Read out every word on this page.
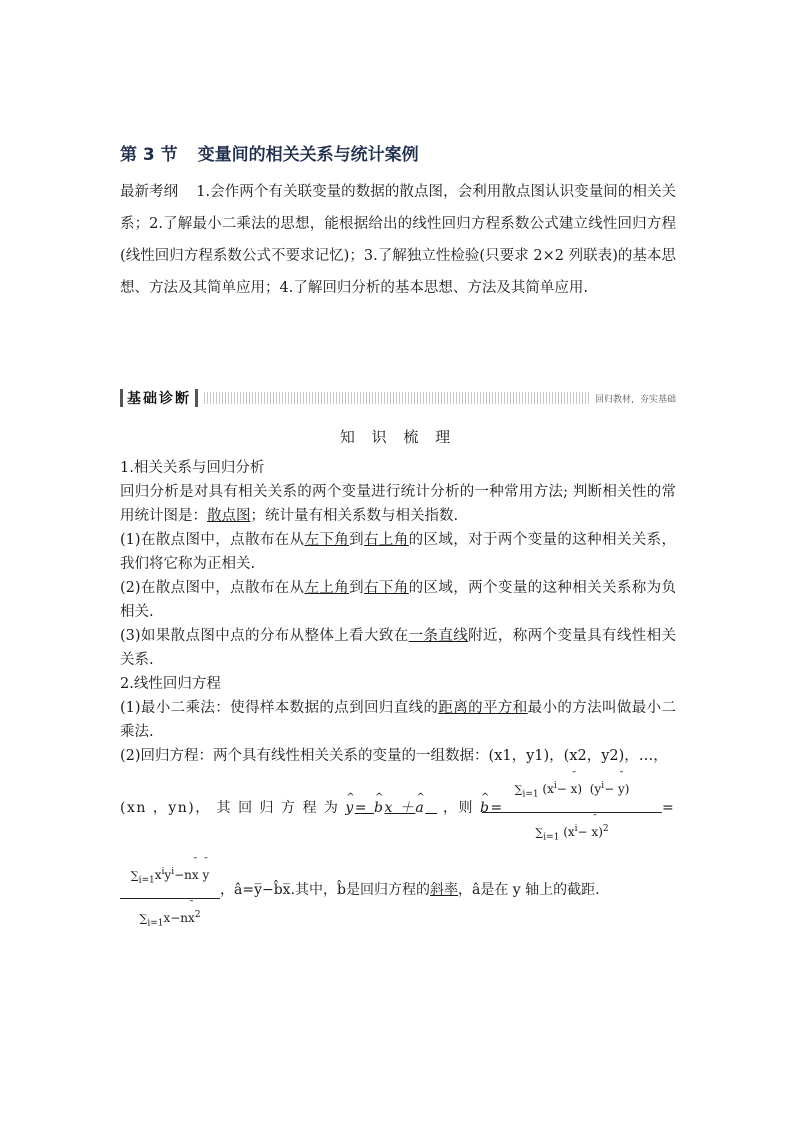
第 3 节 变量间的相关关系与统计案例
最新考纲 1.会作两个有关联变量的数据的散点图，会利用散点图认识变量间的相关关系；2.了解最小二乘法的思想，能根据给出的线性回归方程系数公式建立线性回归方程(线性回归方程系数公式不要求记忆)；3.了解独立性检验(只要求 2×2 列联表)的基本思想、方法及其简单应用；4.了解回归分析的基本思想、方法及其简单应用.
基础诊断	回归教材，夯实基础
知 识 梳 理

1.相关关系与回归分析

回归分析是对具有相关关系的两个变量进行统计分析的一种常用方法; 判断相关性的常用统计图是：散点图；统计量有相关系数与相关指数.

(1)在散点图中，点散布在从左下角到右上角的区域，对于两个变量的这种相关关系，我们将它称为正相关.

(2)在散点图中，点散布在从左上角到右下角的区域，两个变量的这种相关关系称为负相关.

(3)如果散点图中点的分布从整体上看大致在一条直线附近，称两个变量具有线性相关关系.

2.线性回归方程

(1)最小二乘法：使得样本数据的点到回归直线的距离的平方和最小的方法叫做最小二乘法.

(2)回归方程：两个具有线性相关关系的变量的一组数据：(x1，y1)，(x2，y2)，…，

(xn ，yn)， 其 回 归 方 程 为 ^ y= ^ bx ＋^ a   ，则 ^ b=
$\sum_{i=1}$ ($x^i-$ ¯ x)  ($y^i-$ ¯ y)
$\sum_{i=1}$ ($x^i-$ ¯ x)$^2$
=
$\sum_{i=1}x^iy^i-n¯$ x ¯ y
$\sum_{i=1}x-n¯$ $x^2$
，â=y̅−b̂x̅.其中，b̂是回归方程的斜率，â是在 y 轴上的截距.
